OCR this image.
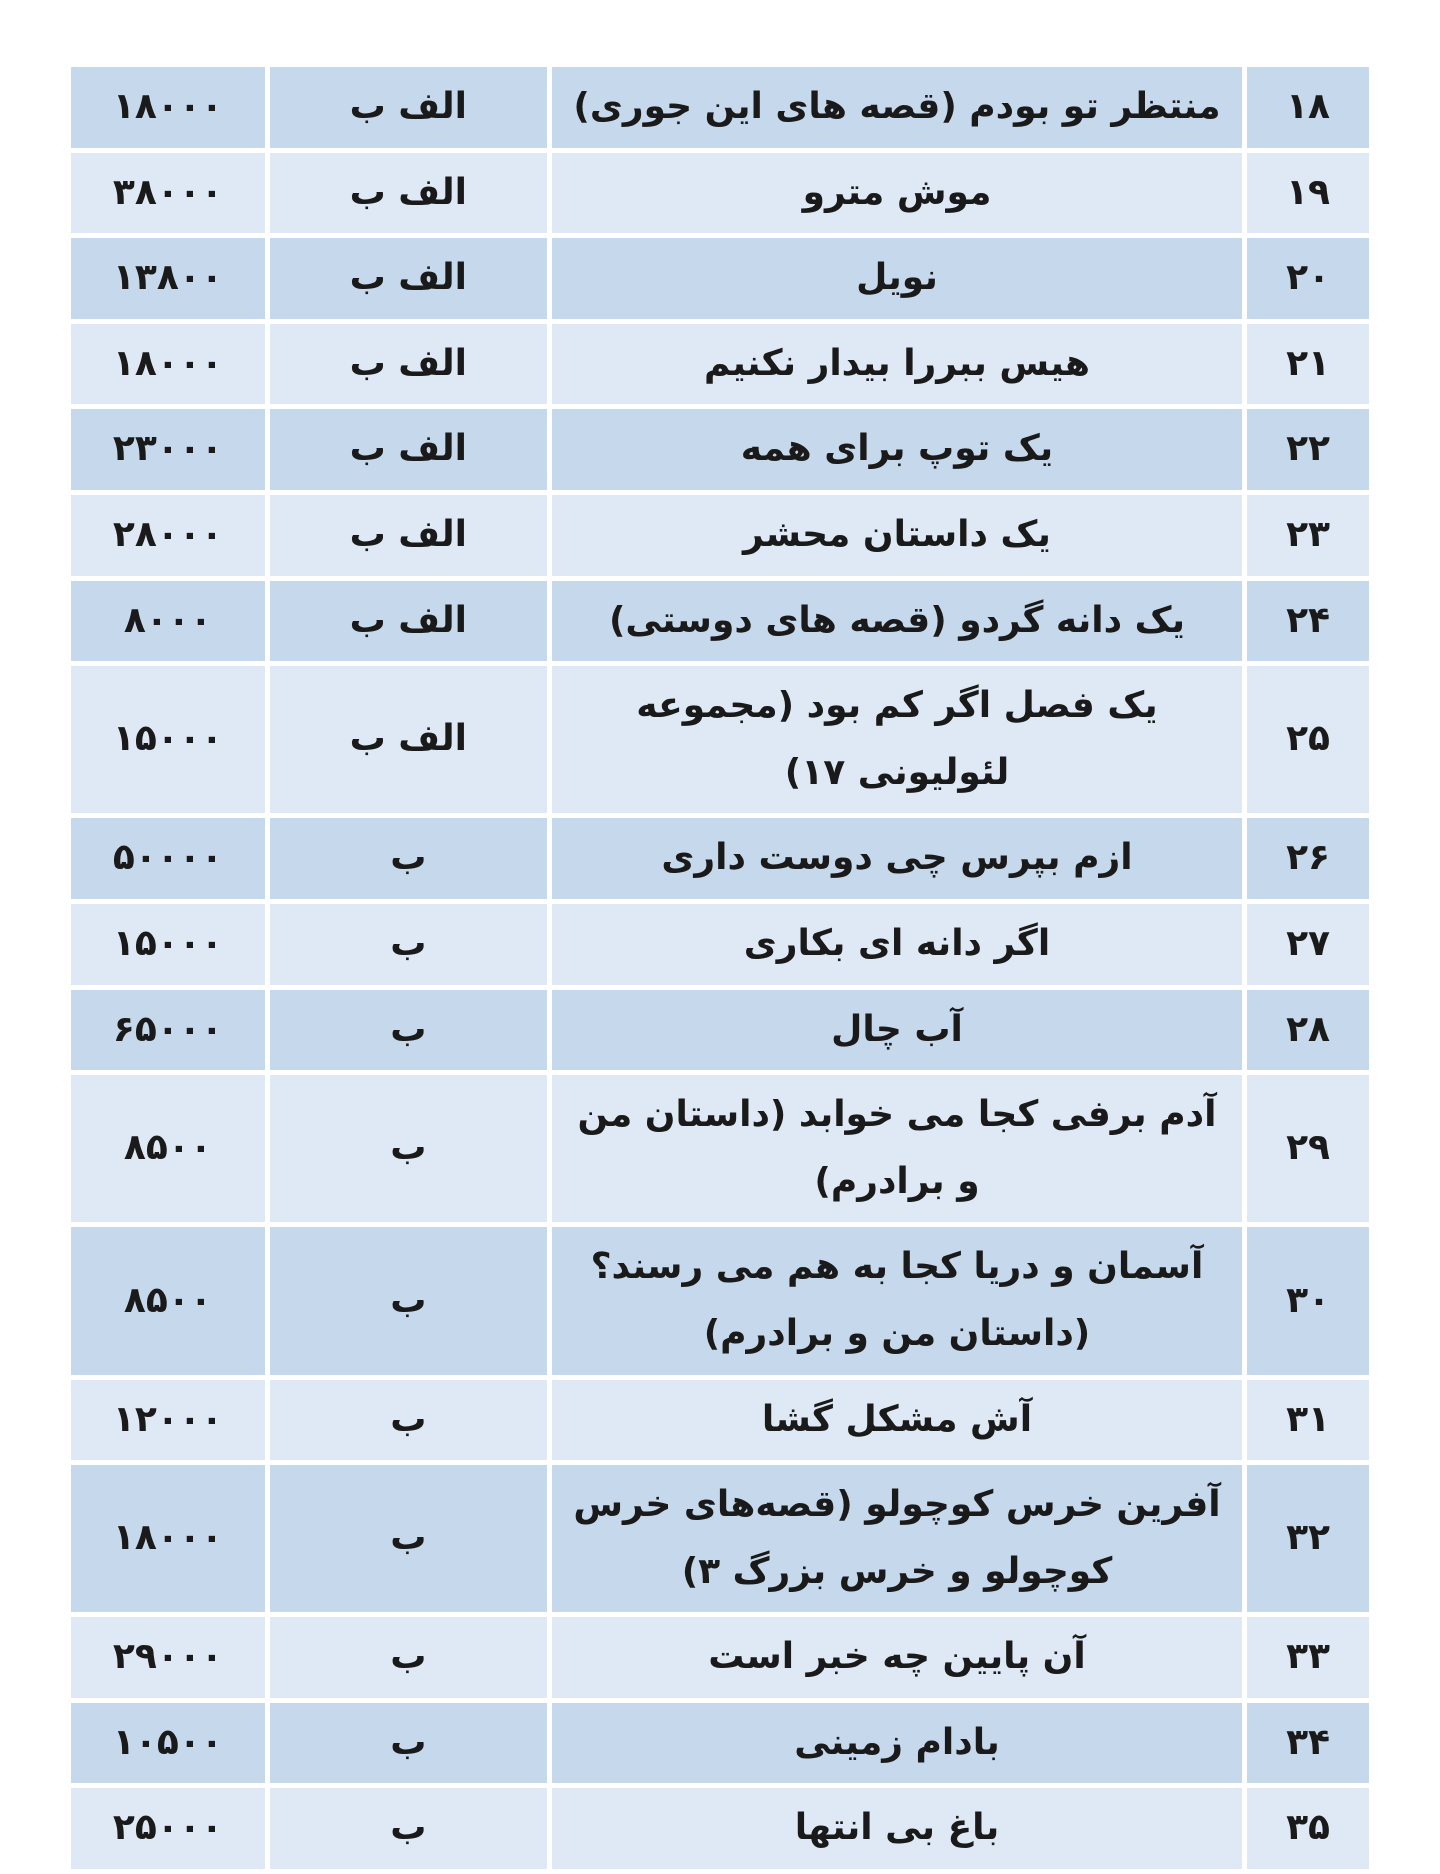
۱۸	منتظر تو بودم (قصه های این جوری)	الف ب	۱۸۰۰۰
۱۹	موش مترو	الف ب	۳۸۰۰۰
۲۰	نویل	الف ب	۱۳۸۰۰
۲۱	هیس ببررا بیدار نکنیم	الف ب	۱۸۰۰۰
۲۲	یک توپ برای همه	الف ب	۲۳۰۰۰
۲۳	یک داستان محشر	الف ب	۲۸۰۰۰
۲۴	یک دانه گردو (قصه های دوستی)	الف ب	۸۰۰۰
۲۵	یک فصل اگر کم بود (مجموعه لئولیونی ۱۷)	الف ب	۱۵۰۰۰
۲۶	ازم بپرس چی دوست داری	ب	۵۰۰۰۰
۲۷	اگر دانه ای بکاری	ب	۱۵۰۰۰
۲۸	آب چال	ب	۶۵۰۰۰
۲۹	آدم برفی کجا می خوابد (داستان من و برادرم)	ب	۸۵۰۰
۳۰	آسمان و دریا کجا به هم می رسند؟ (داستان من و برادرم)	ب	۸۵۰۰
۳۱	آش مشکل گشا	ب	۱۲۰۰۰
۳۲	آفرین خرس کوچولو (قصه‌های خرس کوچولو و خرس بزرگ ۳)	ب	۱۸۰۰۰
۳۳	آن پایین چه خبر است	ب	۲۹۰۰۰
۳۴	بادام زمینی	ب	۱۰۵۰۰
۳۵	باغ بی انتها	ب	۲۵۰۰۰
